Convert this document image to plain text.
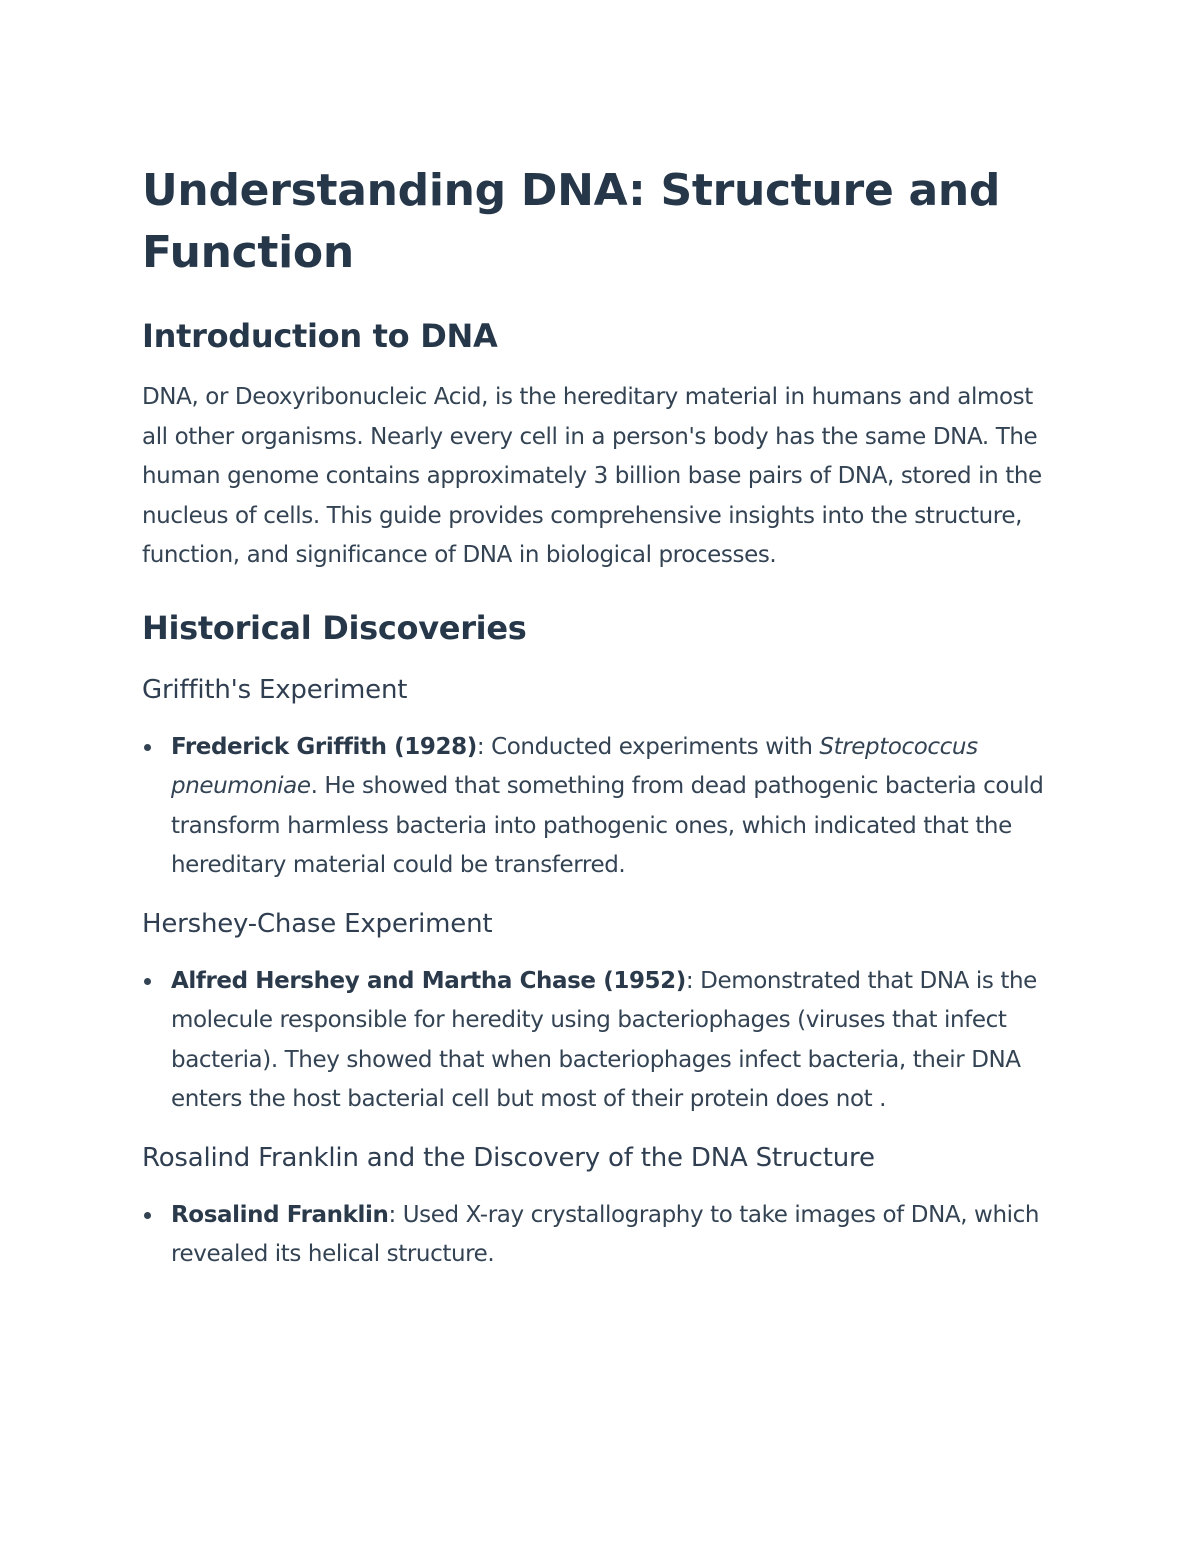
Understanding DNA: Structure and Function
Introduction to DNA

DNA, or Deoxyribonucleic Acid, is the hereditary material in humans and almost all other organisms. Nearly every cell in a person's body has the same DNA. The human genome contains approximately 3 billion base pairs of DNA, stored in the nucleus of cells. This guide provides comprehensive insights into the structure, function, and significance of DNA in biological processes.

Historical Discoveries
Griffith's Experiment
Frederick Griffith (1928): Conducted experiments with Streptococcus pneumoniae. He showed that something from dead pathogenic bacteria could transform harmless bacteria into pathogenic ones, which indicated that the hereditary material could be transferred.
Hershey-Chase Experiment
Alfred Hershey and Martha Chase (1952): Demonstrated that DNA is the molecule responsible for heredity using bacteriophages (viruses that infect bacteria). They showed that when bacteriophages infect bacteria, their DNA enters the host bacterial cell but most of their protein does not .
Rosalind Franklin and the Discovery of the DNA Structure
Rosalind Franklin: Used X-ray crystallography to take images of DNA, which revealed its helical structure.
